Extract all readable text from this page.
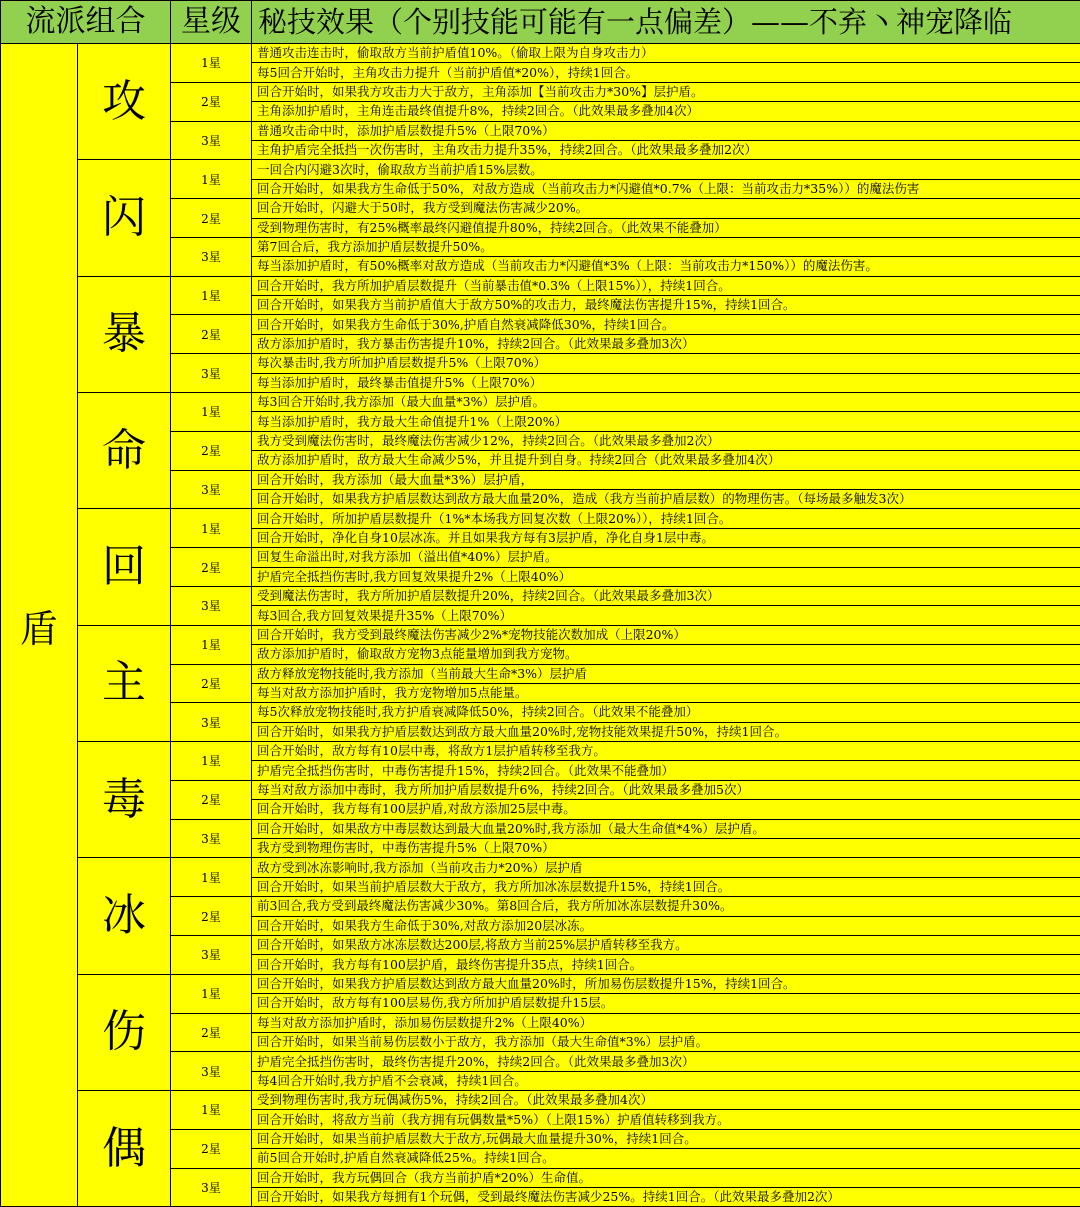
流派组合		星级	秘技效果（个别技能可能有一点偏差）——不弃丶神宠降临
盾	攻	1星	普通攻击连击时，偷取敌方当前护盾值10%。（偷取上限为自身攻击力）
			每5回合开始时，主角攻击力提升（当前护盾值*20%），持续1回合。
		2星	回合开始时，如果我方攻击力大于敌方，主角添加【当前攻击力*30%】层护盾。
			主角添加护盾时，主角连击最终值提升8%，持续2回合。（此效果最多叠加4次）
		3星	普通攻击命中时，添加护盾层数提升5%（上限70%）
			主角护盾完全抵挡一次伤害时，主角攻击力提升35%，持续2回合。（此效果最多叠加2次）
	闪	1星	一回合内闪避3次时，偷取敌方当前护盾15%层数。
			回合开始时，如果我方生命低于50%，对敌方造成（当前攻击力*闪避值*0.7%（上限：当前攻击力*35%））的魔法伤害
		2星	回合开始时，闪避大于50时，我方受到魔法伤害减少20%。
			受到物理伤害时，有25%概率最终闪避值提升80%，持续2回合。（此效果不能叠加）
		3星	第7回合后，我方添加护盾层数提升50%。
			每当添加护盾时，有50%概率对敌方造成（当前攻击力*闪避值*3%（上限：当前攻击力*150%））的魔法伤害。
	暴	1星	回合开始时，我方所加护盾层数提升（当前暴击值*0.3%（上限15%）），持续1回合。
			回合开始时，如果我方当前护盾值大于敌方50%的攻击力，最终魔法伤害提升15%，持续1回合。
		2星	回合开始时，如果我方生命低于30%,护盾自然衰减降低30%，持续1回合。
			敌方添加护盾时，我方暴击伤害提升10%，持续2回合。（此效果最多叠加3次）
		3星	每次暴击时,我方所加护盾层数提升5%（上限70%）
			每当添加护盾时，最终暴击值提升5%（上限70%）
	命	1星	每3回合开始时,我方添加（最大血量*3%）层护盾。
			每当添加护盾时，我方最大生命值提升1%（上限20%）
		2星	我方受到魔法伤害时，最终魔法伤害减少12%，持续2回合。（此效果最多叠加2次）
			敌方添加护盾时，敌方最大生命减少5%，并且提升到自身。持续2回合（此效果最多叠加4次）
		3星	回合开始时，我方添加（最大血量*3%）层护盾，
			回合开始时，如果我方护盾层数达到敌方最大血量20%，造成（我方当前护盾层数）的物理伤害。（每场最多触发3次）
	回	1星	回合开始时，所加护盾层数提升（1%*本场我方回复次数（上限20%）），持续1回合。
			回合开始时，净化自身10层冰冻。并且如果我方每有3层护盾，净化自身1层中毒。
		2星	回复生命溢出时,对我方添加（溢出值*40%）层护盾。
			护盾完全抵挡伤害时,我方回复效果提升2%（上限40%）
		3星	受到魔法伤害时，我方所加护盾层数提升20%，持续2回合。（此效果最多叠加3次）
			每3回合,我方回复效果提升35%（上限70%）
	主	1星	回合开始时，我方受到最终魔法伤害减少2%*宠物技能次数加成（上限20%）
			敌方添加护盾时，偷取敌方宠物3点能量增加到我方宠物。
		2星	敌方释放宠物技能时,我方添加（当前最大生命*3%）层护盾
			每当对敌方添加护盾时，我方宠物增加5点能量。
		3星	每5次释放宠物技能时,我方护盾衰减降低50%，持续2回合。（此效果不能叠加）
			回合开始时，如果我方护盾层数达到敌方最大血量20%时,宠物技能效果提升50%，持续1回合。
	毒	1星	回合开始时，敌方每有10层中毒，将敌方1层护盾转移至我方。
			护盾完全抵挡伤害时，中毒伤害提升15%，持续2回合。（此效果不能叠加）
		2星	每当对敌方添加中毒时，我方所加护盾层数提升6%，持续2回合。（此效果最多叠加5次）
			回合开始时，我方每有100层护盾,对敌方添加25层中毒。
		3星	回合开始时，如果敌方中毒层数达到最大血量20%时,我方添加（最大生命值*4%）层护盾。
			我方受到物理伤害时，中毒伤害提升5%（上限70%）
	冰	1星	敌方受到冰冻影响时,我方添加（当前攻击力*20%）层护盾
			回合开始时，如果当前护盾层数大于敌方，我方所加冰冻层数提升15%，持续1回合。
		2星	前3回合,我方受到最终魔法伤害减少30%。第8回合后，我方所加冰冻层数提升30%。
			回合开始时，如果我方生命低于30%,对敌方添加20层冰冻。
		3星	回合开始时，如果敌方冰冻层数达200层,将敌方当前25%层护盾转移至我方。
			回合开始时，我方每有100层护盾，最终伤害提升35点，持续1回合。
	伤	1星	回合开始时，如果我方护盾层数达到敌方最大血量20%时，所加易伤层数提升15%，持续1回合。
			回合开始时，敌方每有100层易伤,我方所加护盾层数提升15层。
		2星	每当对敌方添加护盾时，添加易伤层数提升2%（上限40%）
			回合开始时，如果当前易伤层数小于敌方，我方添加（最大生命值*3%）层护盾。
		3星	护盾完全抵挡伤害时，最终伤害提升20%，持续2回合。（此效果最多叠加3次）
			每4回合开始时,我方护盾不会衰减，持续1回合。
	偶	1星	受到物理伤害时,我方玩偶减伤5%，持续2回合。（此效果最多叠加4次）
			回合开始时，将敌方当前（我方拥有玩偶数量*5%）（上限15%）护盾值转移到我方。
		2星	回合开始时，如果当前护盾层数大于敌方,玩偶最大血量提升30%，持续1回合。
			前5回合开始时,护盾自然衰减降低25%。持续1回合。
		3星	回合开始时，我方玩偶回合（我方当前护盾*20%）生命值。
			回合开始时，如果我方每拥有1个玩偶，受到最终魔法伤害减少25%。持续1回合。（此效果最多叠加2次）
